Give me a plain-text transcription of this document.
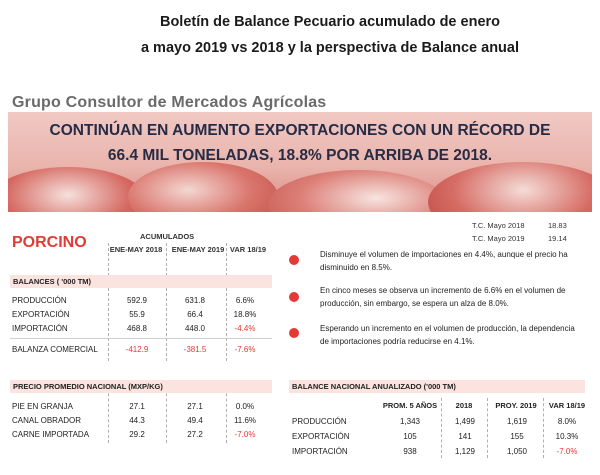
Boletín de Balance Pecuario acumulado de enero
a mayo 2019 vs 2018 y la perspectiva de Balance anual
Grupo Consultor de Mercados Agrícolas
CONTINÚAN EN AUMENTO EXPORTACIONES CON UN RÉCORD DE
66.4 MIL TONELADAS, 18.8% POR ARRIBA DE 2018.
T.C. Mayo 2018	18.83
T.C. Mayo 2019	19.14
PORCINO	ACUMULADOS
ENE-MAY 2018	ENE-MAY 2019 VAR 18/19
BALANCES ( '000 TM)
PRODUCCIÓN	592.9	631.8	6.6%
EXPORTACIÓN	55.9	66.4	18.8%
IMPORTACIÓN	468.8	448.0	-4.4%
BALANZA COMERCIAL	-412.9	-381.5	-7.6%
PRECIO PROMEDIO NACIONAL (MXP/KG)
PIE EN GRANJA	27.1	27.1	0.0%
CANAL OBRADOR	44.3	49.4	11.6%
CARNE IMPORTADA	29.2	27.2	-7.0%
Disminuye el volumen de importaciones en 4.4%, aunque el precio ha disminuido en 8.5%.
En cinco meses se observa un incremento de 6.6% en el volumen de producción, sin embargo, se espera un alza de 8.0%.
Esperando un incremento en el volumen de producción, la dependencia de importaciones podría reducirse en 4.1%.
BALANCE NACIONAL ANUALIZADO ('000 TM)
PROM. 5 AÑOS	2018	PROY. 2019	VAR 18/19
PRODUCCIÓN	1,343	1,499	1,619	8.0%
EXPORTACIÓN	105	141	155	10.3%
IMPORTACIÓN	938	1,129	1,050	-7.0%
